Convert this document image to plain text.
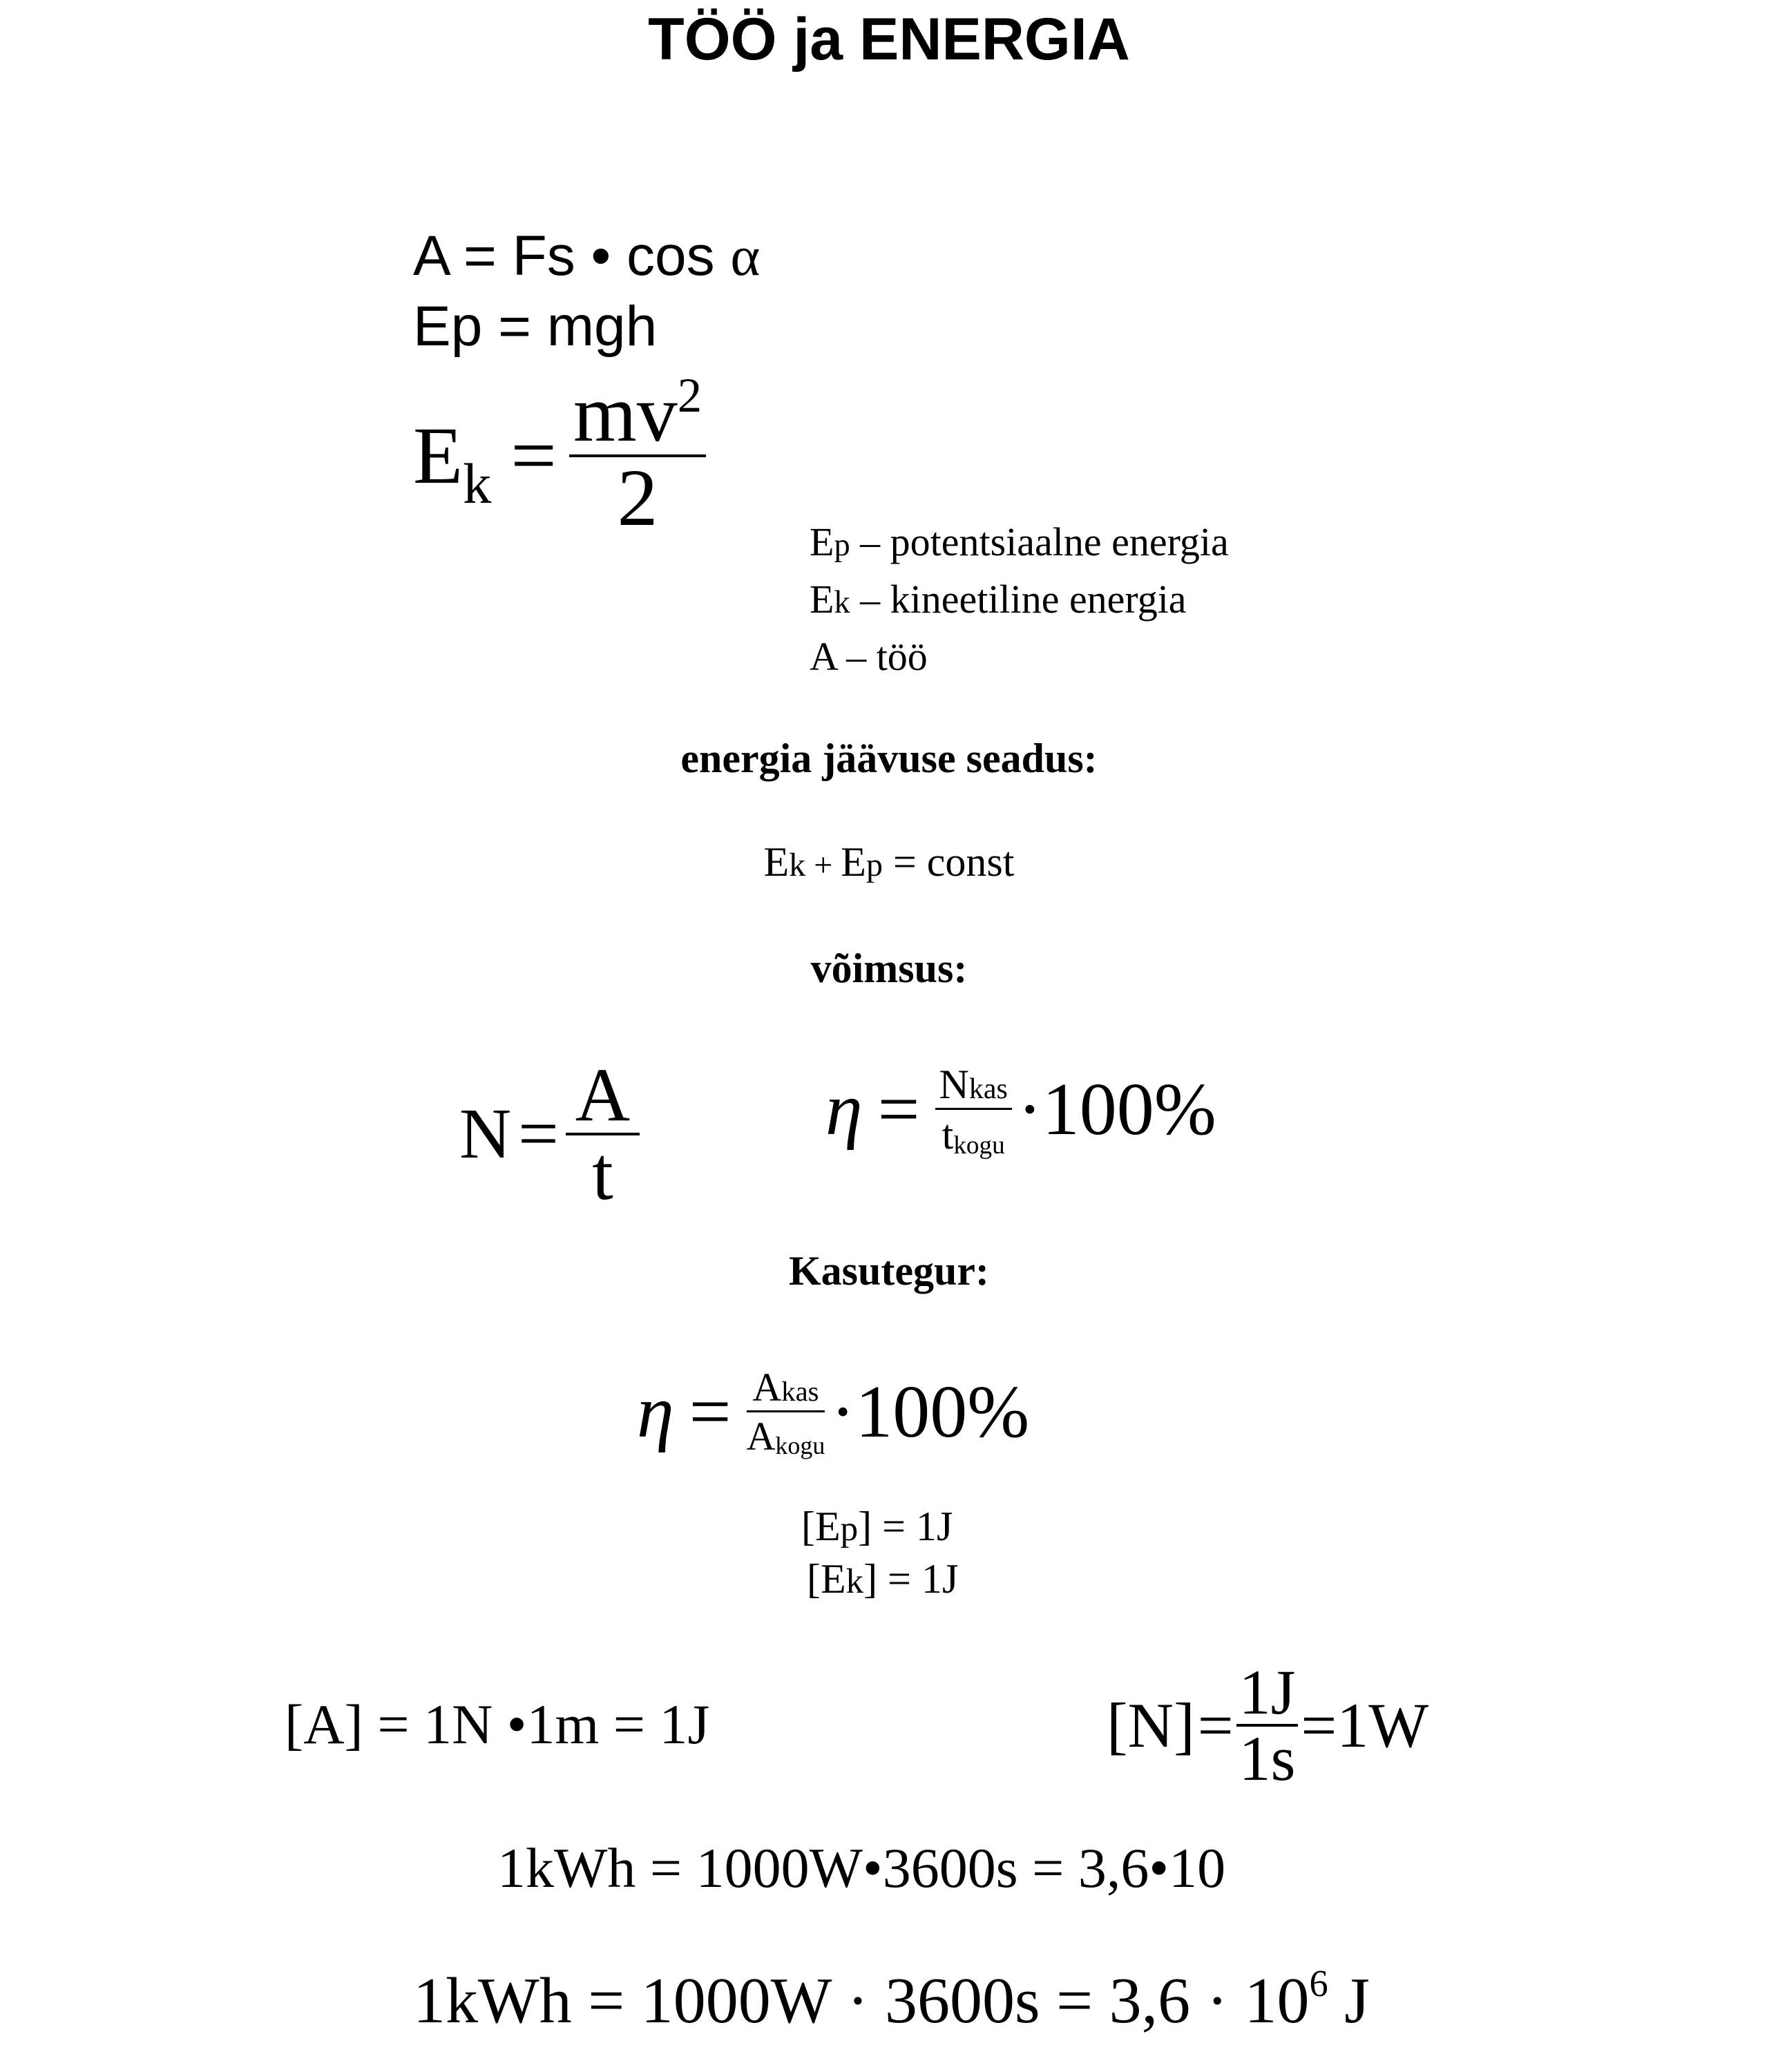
TÖÖ ja ENERGIA
A = Fs • cos α
Ep = mgh
$E_k = \frac{mv^2}{2}$
Ep – potentsiaalne energia
Ek – kineetiline energia
A – töö
energia jäävuse seadus:
Ek + Ep = const
võimsus:
$N = \frac{A}{t}$ $\eta = \frac{\text{Nkas}}{\text{tkogu}} \cdot 100\%$
Kasutegur:
$\eta = \frac{\text{Akas}}{\text{Akogu}} \cdot 100\%$
[Ep] = 1J
[Ek] = 1J
[A] = 1N •1m = 1J	$[N] = \frac{1J}{1s} =1W$
1kWh = 1000W•3600s = 3,6•10
$1kWh = 1000W \cdot 3600s = 3,6 \cdot 10^6$ J
